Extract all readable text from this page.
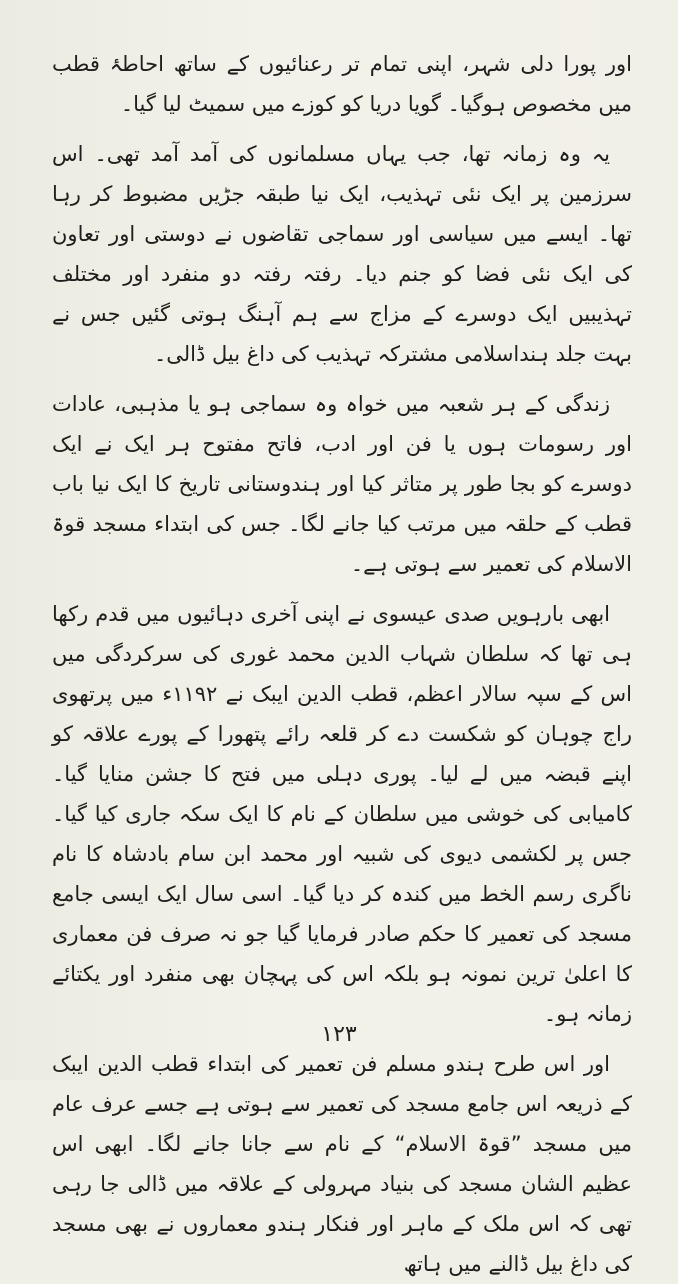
اور پورا دلی شہر، اپنی تمام تر رعنائیوں کے ساتھ احاطۂ قطب میں مخصوص ہوگیا۔ گویا دریا کو کوزے میں سمیٹ لیا گیا۔

یہ وہ زمانہ تھا، جب یہاں مسلمانوں کی آمد آمد تھی۔ اس سرزمین پر ایک نئی تہذیب، ایک نیا طبقہ جڑیں مضبوط کر رہا تھا۔ ایسے میں سیاسی اور سماجی تقاضوں نے دوستی اور تعاون کی ایک نئی فضا کو جنم دیا۔ رفتہ رفتہ دو منفرد اور مختلف تہذیبیں ایک دوسرے کے مزاج سے ہم آہنگ ہوتی گئیں جس نے بہت جلد ہنداسلامی مشترکہ تہذیب کی داغ بیل ڈالی۔

زندگی کے ہر شعبہ میں خواہ وہ سماجی ہو یا مذہبی، عادات اور رسومات ہوں یا فن اور ادب، فاتح مفتوح ہر ایک نے ایک دوسرے کو بجا طور پر متاثر کیا اور ہندوستانی تاریخ کا ایک نیا باب قطب کے حلقہ میں مرتب کیا جانے لگا۔ جس کی ابتداء مسجد قوۃ الاسلام کی تعمیر سے ہوتی ہے۔

ابھی بارہویں صدی عیسوی نے اپنی آخری دہائیوں میں قدم رکھا ہی تھا کہ سلطان شہاب الدین محمد غوری کی سرکردگی میں اس کے سپہ سالار اعظم، قطب الدین ایبک نے ۱۱۹۲ء میں پرتھوی راج چوہان کو شکست دے کر قلعہ رائے پتھورا کے پورے علاقہ کو اپنے قبضہ میں لے لیا۔ پوری دہلی میں فتح کا جشن منایا گیا۔ کامیابی کی خوشی میں سلطان کے نام کا ایک سکہ جاری کیا گیا۔ جس پر لکشمی دیوی کی شبیہ اور محمد ابن سام بادشاہ کا نام ناگری رسم الخط میں کندہ کر دیا گیا۔ اسی سال ایک ایسی جامع مسجد کی تعمیر کا حکم صادر فرمایا گیا جو نہ صرف فن معماری کا اعلیٰ ترین نمونہ ہو بلکہ اس کی پہچان بھی منفرد اور یکتائے زمانہ ہو۔

اور اس طرح ہندو مسلم فن تعمیر کی ابتداء قطب الدین ایبک کے ذریعہ اس جامع مسجد کی تعمیر سے ہوتی ہے جسے عرف عام میں مسجد ”قوۃ الاسلام“ کے نام سے جانا جانے لگا۔ ابھی اس عظیم الشان مسجد کی بنیاد مہرولی کے علاقہ میں ڈالی جا رہی تھی کہ اس ملک کے ماہر اور فنکار ہندو معماروں نے بھی مسجد کی داغ بیل ڈالنے میں ہاتھ

۱۲۳
